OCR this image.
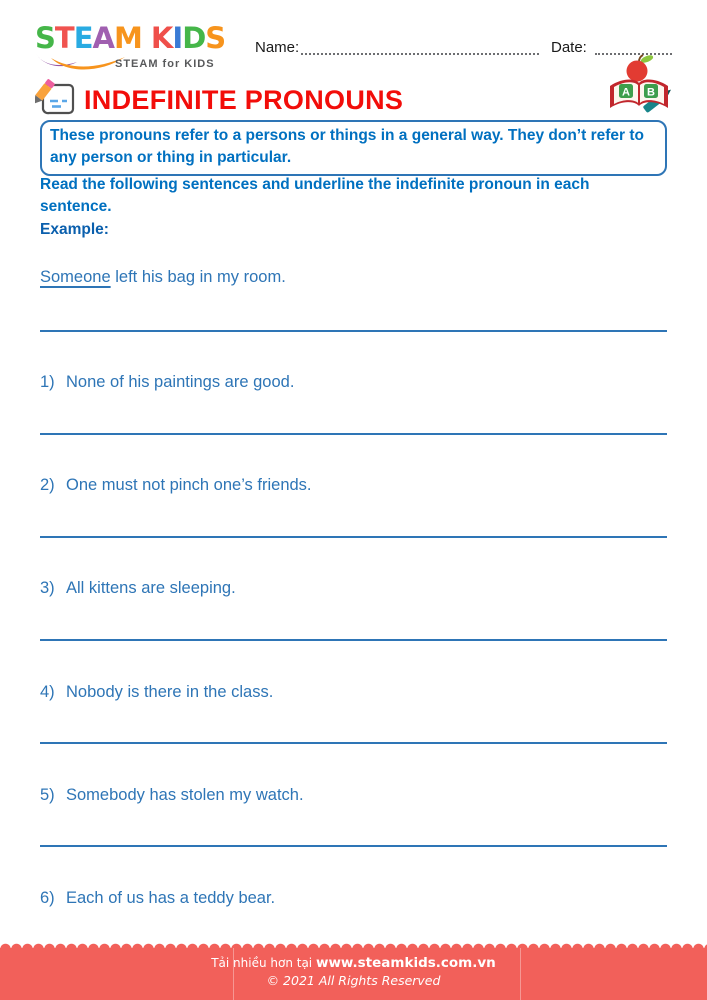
STEAM KIDS
STEAM for KIDS
Name:	Date:
INDEFINITE PRONOUNS	A B
These pronouns refer to a persons or things in a general way. They don’t refer to any person or thing in particular.
Read the following sentences and underline the indefinite pronoun in each sentence.
Example:
Someone left his bag in my room.
1) None of his paintings are good.
2) One must not pinch one’s friends.
3) All kittens are sleeping.
4) Nobody is there in the class.
5) Somebody has stolen my watch.
6) Each of us has a teddy bear.
Tải nhiều hơn tại www.steamkids.com.vn
© 2021 All Rights Reserved
